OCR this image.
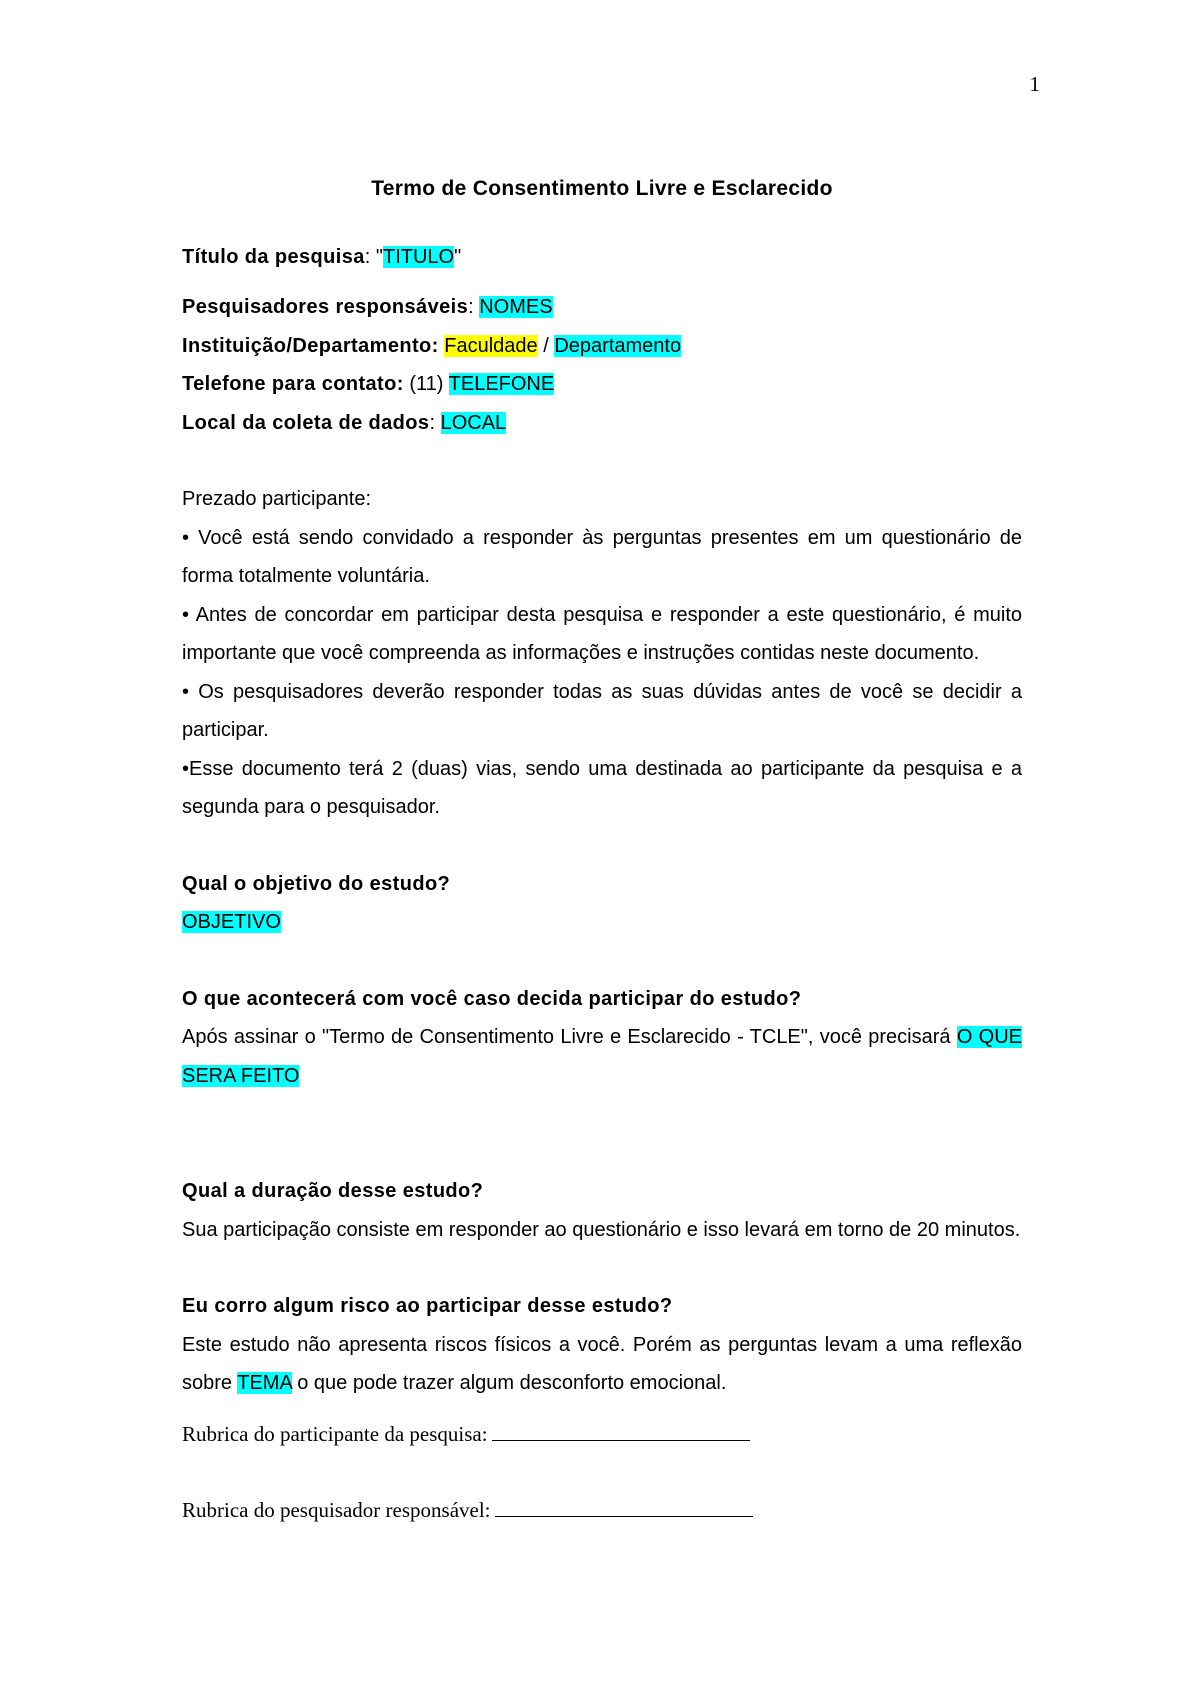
1
Termo de Consentimento Livre e Esclarecido

Título da pesquisa: "TITULO"

Pesquisadores responsáveis: NOMES

Instituição/Departamento: Faculdade / Departamento

Telefone para contato: (11) TELEFONE

Local da coleta de dados: LOCAL

Prezado participante:

• Você está sendo convidado a responder às perguntas presentes em um questionário de forma totalmente voluntária.

• Antes de concordar em participar desta pesquisa e responder a este questionário, é muito importante que você compreenda as informações e instruções contidas neste documento.

• Os pesquisadores deverão responder todas as suas dúvidas antes de você se decidir a participar.

•Esse documento terá 2 (duas) vias, sendo uma destinada ao participante da pesquisa e a segunda para o pesquisador.

Qual o objetivo do estudo?

OBJETIVO

O que acontecerá com você caso decida participar do estudo?

Após assinar o "Termo de Consentimento Livre e Esclarecido - TCLE", você precisará O QUE SERA FEITO

Qual a duração desse estudo?

Sua participação consiste em responder ao questionário e isso levará em torno de 20 minutos.

Eu corro algum risco ao participar desse estudo?

Este estudo não apresenta riscos físicos a você. Porém as perguntas levam a uma reflexão sobre TEMA o que pode trazer algum desconforto emocional.

Rubrica do participante da pesquisa:

Rubrica do pesquisador responsável:
